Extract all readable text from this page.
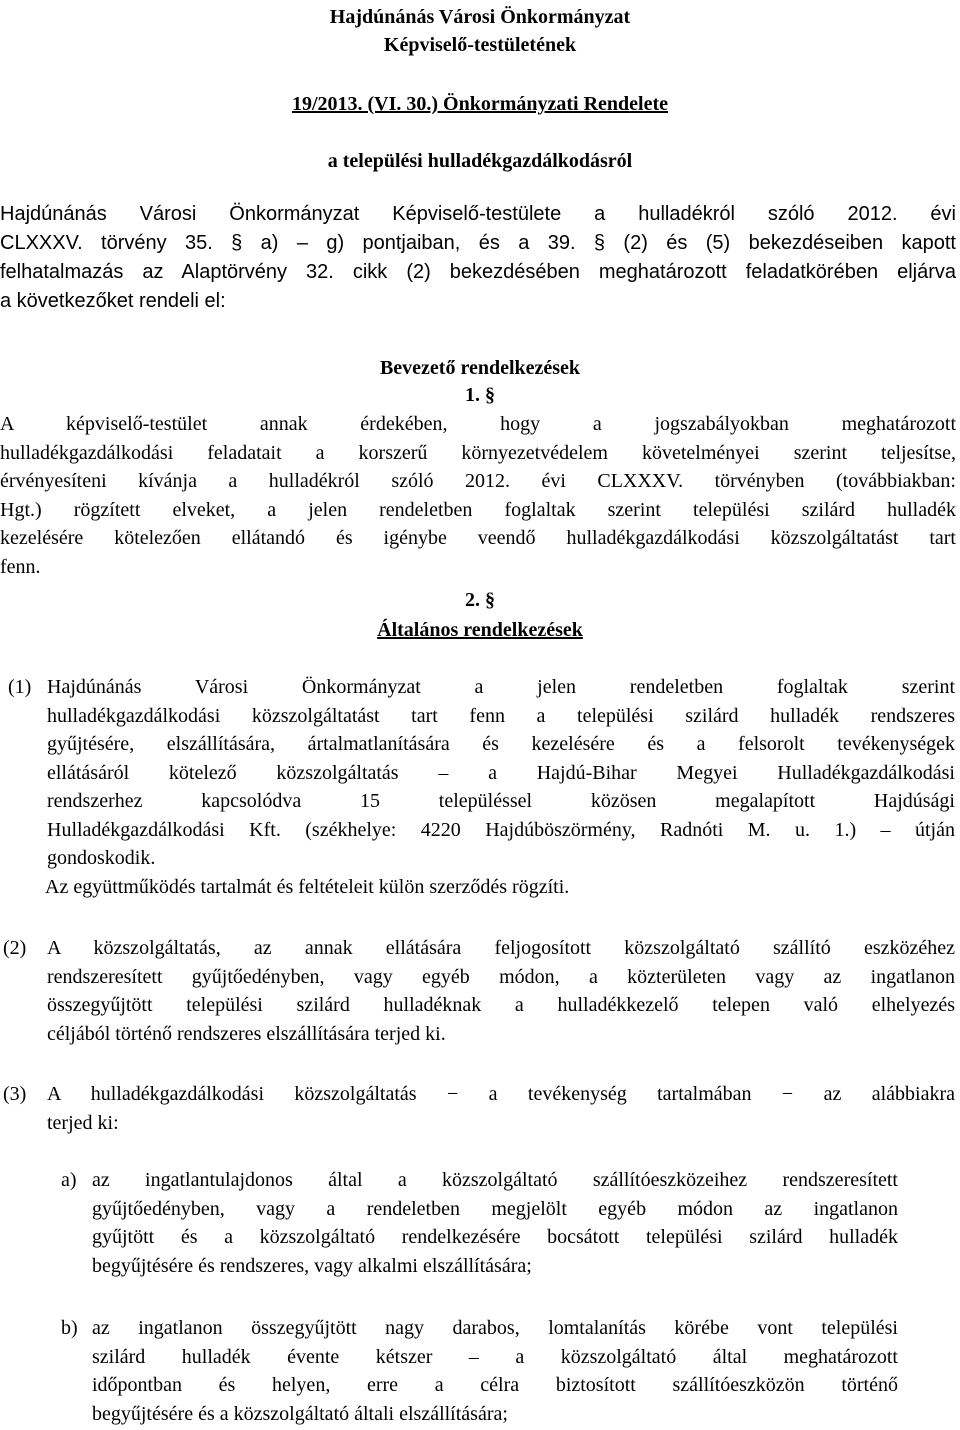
Hajdúnánás Városi Önkormányzat
Képviselő-testületének
19/2013. (VI. 30.) Önkormányzati Rendelete
a települési hulladékgazdálkodásról
Hajdúnánás Városi Önkormányzat Képviselő-testülete a hulladékról szóló 2012. évi
CLXXXV. törvény 35. § a) – g) pontjaiban, és a 39. § (2) és (5) bekezdéseiben kapott
felhatalmazás az Alaptörvény 32. cikk (2) bekezdésében meghatározott feladatkörében eljárva
a következőket rendeli el:
Bevezető rendelkezések
1. §
A képviselő-testület annak érdekében, hogy a jogszabályokban meghatározott
hulladékgazdálkodási feladatait a korszerű környezetvédelem követelményei szerint teljesítse,
érvényesíteni kívánja a hulladékról szóló 2012. évi CLXXXV. törvényben (továbbiakban:
Hgt.) rögzített elveket, a jelen rendeletben foglaltak szerint települési szilárd hulladék
kezelésére kötelezően ellátandó és igénybe veendő hulladékgazdálkodási közszolgáltatást tart
fenn.
2. §
Általános rendelkezések
(1) Hajdúnánás Városi Önkormányzat a jelen rendeletben foglaltak szerint
hulladékgazdálkodási közszolgáltatást tart fenn a települési szilárd hulladék rendszeres
gyűjtésére, elszállítására, ártalmatlanítására és kezelésére és a felsorolt tevékenységek
ellátásáról kötelező közszolgáltatás – a Hajdú-Bihar Megyei Hulladékgazdálkodási
rendszerhez kapcsolódva 15 településsel közösen megalapított Hajdúsági
Hulladékgazdálkodási Kft. (székhelye: 4220 Hajdúböszörmény, Radnóti M. u. 1.) – útján
gondoskodik.
Az együttműködés tartalmát és feltételeit külön szerződés rögzíti.
(2) A közszolgáltatás, az annak ellátására feljogosított közszolgáltató szállító eszközéhez
rendszeresített gyűjtőedényben, vagy egyéb módon, a közterületen vagy az ingatlanon
összegyűjtött települési szilárd hulladéknak a hulladékkezelő telepen való elhelyezés
céljából történő rendszeres elszállítására terjed ki.
(3) A hulladékgazdálkodási közszolgáltatás − a tevékenység tartalmában − az alábbiakra
terjed ki:
a) az ingatlantulajdonos által a közszolgáltató szállítóeszközeihez rendszeresített
gyűjtőedényben, vagy a rendeletben megjelölt egyéb módon az ingatlanon
gyűjtött és a közszolgáltató rendelkezésére bocsátott települési szilárd hulladék
begyűjtésére és rendszeres, vagy alkalmi elszállítására;
b) az ingatlanon összegyűjtött nagy darabos, lomtalanítás körébe vont települési
szilárd hulladék évente kétszer – a közszolgáltató által meghatározott
időpontban és helyen, erre a célra biztosított szállítóeszközön történő
begyűjtésére és a közszolgáltató általi elszállítására;
